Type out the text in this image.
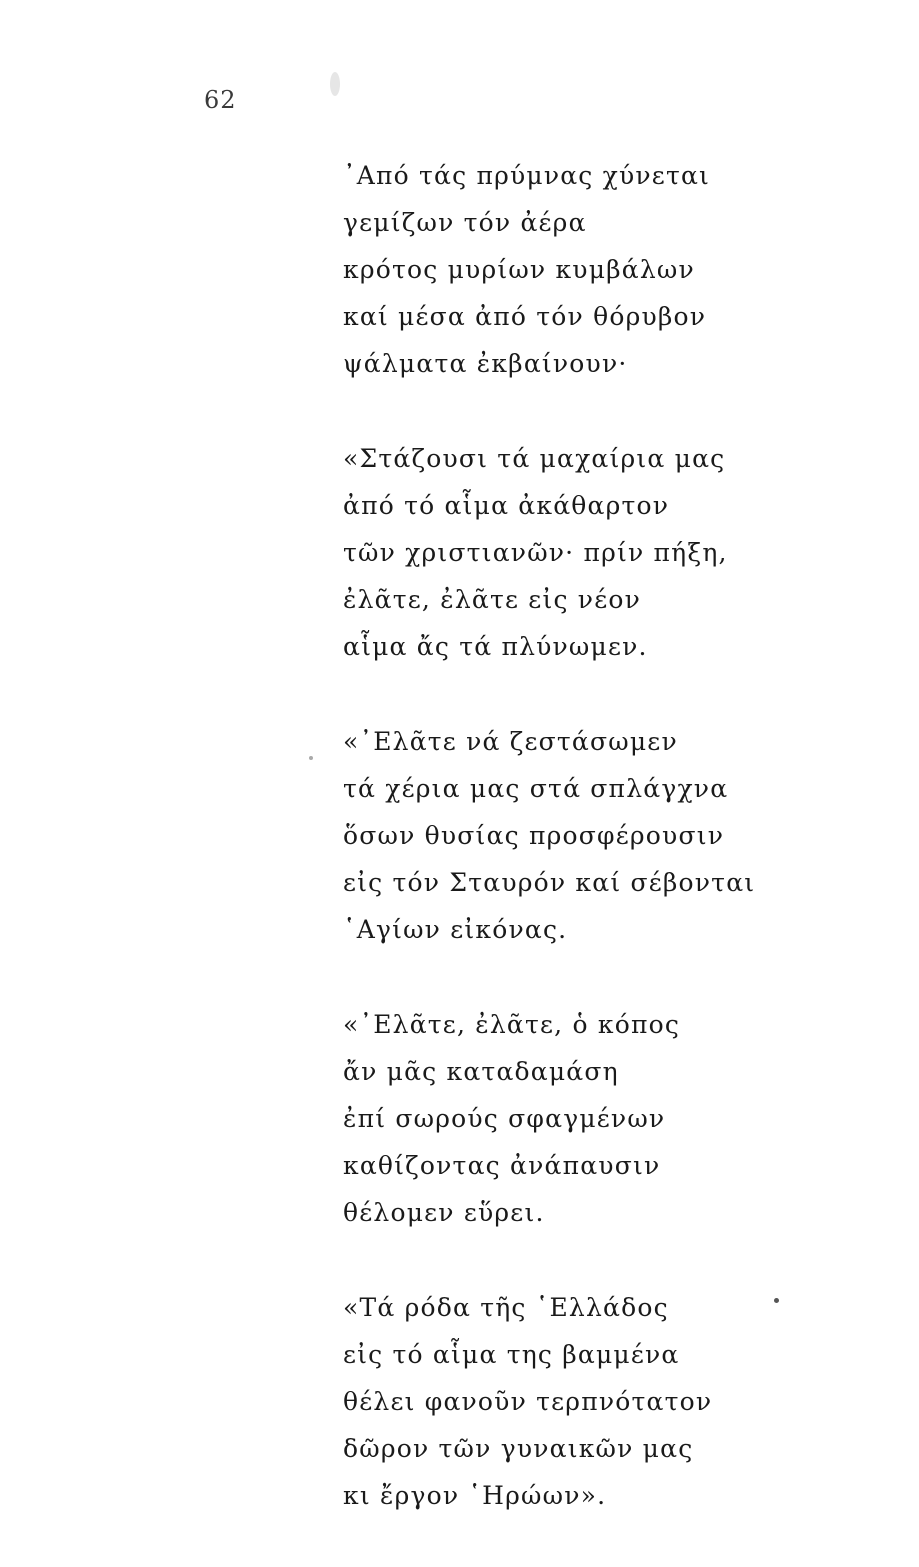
62
᾿Από τάς πρύμνας χύνεται
γεμίζων τόν ἀέρα
κρότος μυρίων κυμβάλων
καί μέσα ἀπό τόν θόρυβον
ψάλματα ἐκβαίνουν·
«Στάζουσι τά μαχαίρια μας
ἀπό τό αἷμα ἀκάθαρτον
τῶν χριστιανῶν· πρίν πήξη,
ἐλᾶτε, ἐλᾶτε εἰς νέον
αἷμα ἄς τά πλύνωμεν.
«᾿Ελᾶτε νά ζεστάσωμεν
τά χέρια μας στά σπλάγχνα
ὅσων θυσίας προσφέρουσιν
εἰς τόν Σταυρόν καί σέβονται
῾Αγίων εἰκόνας.
«᾿Ελᾶτε, ἐλᾶτε, ὁ κόπος
ἄν μᾶς καταδαμάση
ἐπί σωρούς σφαγμένων
καθίζοντας ἀνάπαυσιν
θέλομεν εὕρει.
«Τά ρόδα τῆς ῾Ελλάδος
εἰς τό αἷμα της βαμμένα
θέλει φανοῦν τερπνότατον
δῶρον τῶν γυναικῶν μας
κι ἔργον ῾Ηρώων».
